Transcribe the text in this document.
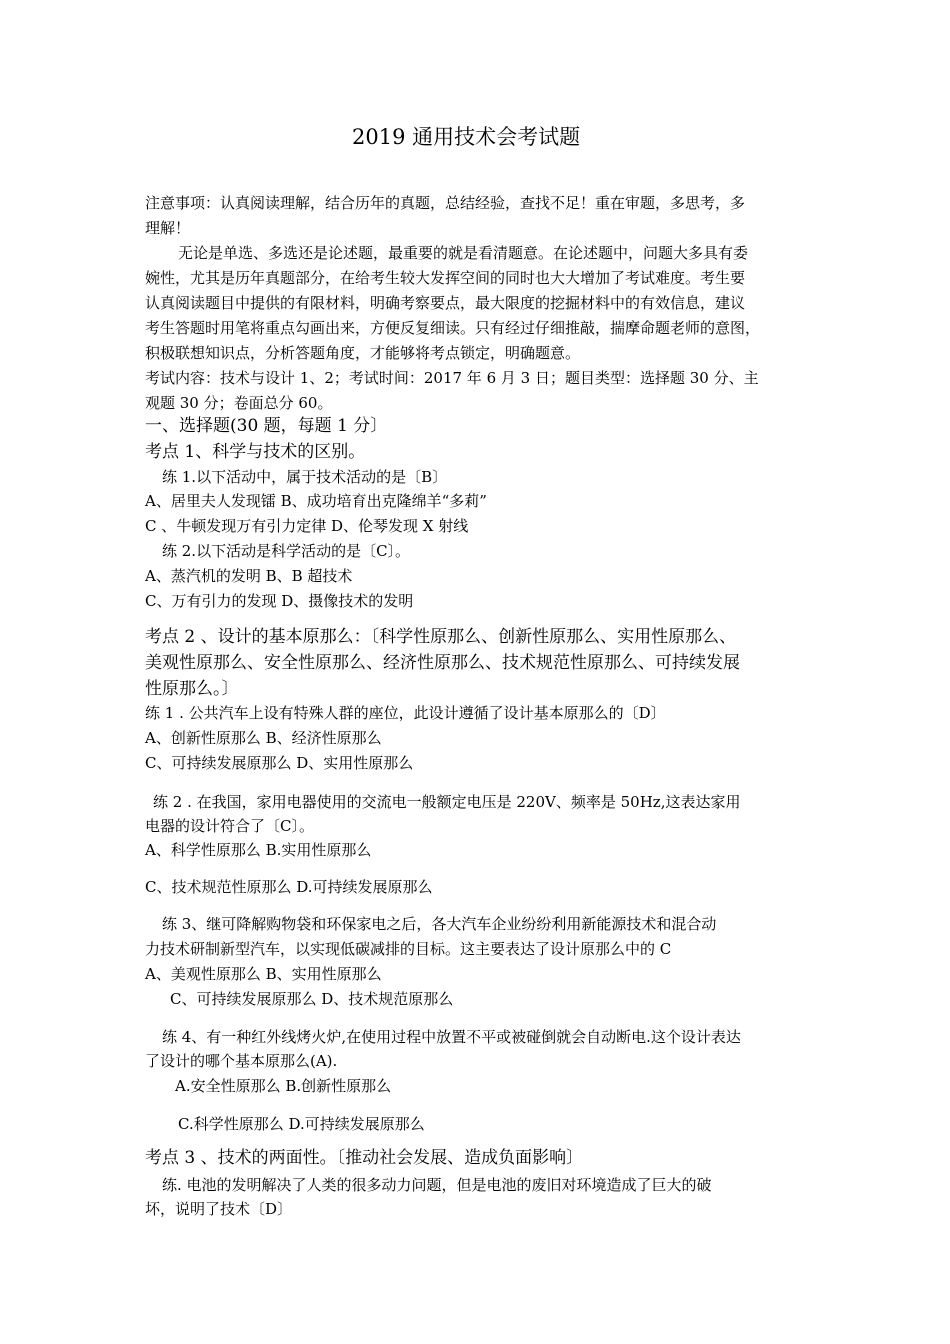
2019 通用技术会考试题
注意事项：认真阅读理解，结合历年的真题，总结经验，查找不足！重在审题，多思考，多
理解！
无论是单选、多选还是论述题，最重要的就是看清题意。在论述题中，问题大多具有委
婉性，尤其是历年真题部分，在给考生较大发挥空间的同时也大大增加了考试难度。考生要
认真阅读题目中提供的有限材料，明确考察要点，最大限度的挖掘材料中的有效信息，建议
考生答题时用笔将重点勾画出来，方便反复细读。只有经过仔细推敲，揣摩命题老师的意图，
积极联想知识点，分析答题角度，才能够将考点锁定，明确题意。
考试内容：技术与设计 1、2；考试时间：2017 年 6 月 3 日；题目类型：选择题 30 分、主
观题 30 分；卷面总分 60。
一、选择题(30 题，每题 1 分〕
考点 1、科学与技术的区别。
练 1.以下活动中，属于技术活动的是〔B〕
A、居里夫人发现镭 B、成功培育出克隆绵羊“多莉”
C 、牛顿发现万有引力定律 D、伦琴发现 X 射线
练 2.以下活动是科学活动的是〔C〕。
A、蒸汽机的发明 B、B 超技术
C、万有引力的发现 D、摄像技术的发明
考点 2 、设计的基本原那么：〔科学性原那么、创新性原那么、实用性原那么、
美观性原那么、安全性原那么、经济性原那么、技术规范性原那么、可持续发展
性原那么。〕
练 1 . 公共汽车上设有特殊人群的座位，此设计遵循了设计基本原那么的〔D〕
A、创新性原那么 B、经济性原那么
C、可持续发展原那么 D、实用性原那么
练 2 . 在我国，家用电器使用的交流电一般额定电压是 220V、频率是 50Hz,这表达家用
电器的设计符合了〔C〕。
A、科学性原那么 B.实用性原那么
C、技术规范性原那么 D.可持续发展原那么
练 3、继可降解购物袋和环保家电之后，各大汽车企业纷纷利用新能源技术和混合动
力技术研制新型汽车，以实现低碳减排的目标。这主要表达了设计原那么中的 C
A、美观性原那么 B、实用性原那么
C、可持续发展原那么 D、技术规范原那么
练 4、有一种红外线烤火炉,在使用过程中放置不平或被碰倒就会自动断电.这个设计表达
了设计的哪个基本原那么(A).
A.安全性原那么 B.创新性原那么
C.科学性原那么 D.可持续发展原那么
考点 3 、技术的两面性。〔推动社会发展、造成负面影响〕
练. 电池的发明解决了人类的很多动力问题，但是电池的废旧对环境造成了巨大的破
坏，说明了技术〔D〕
